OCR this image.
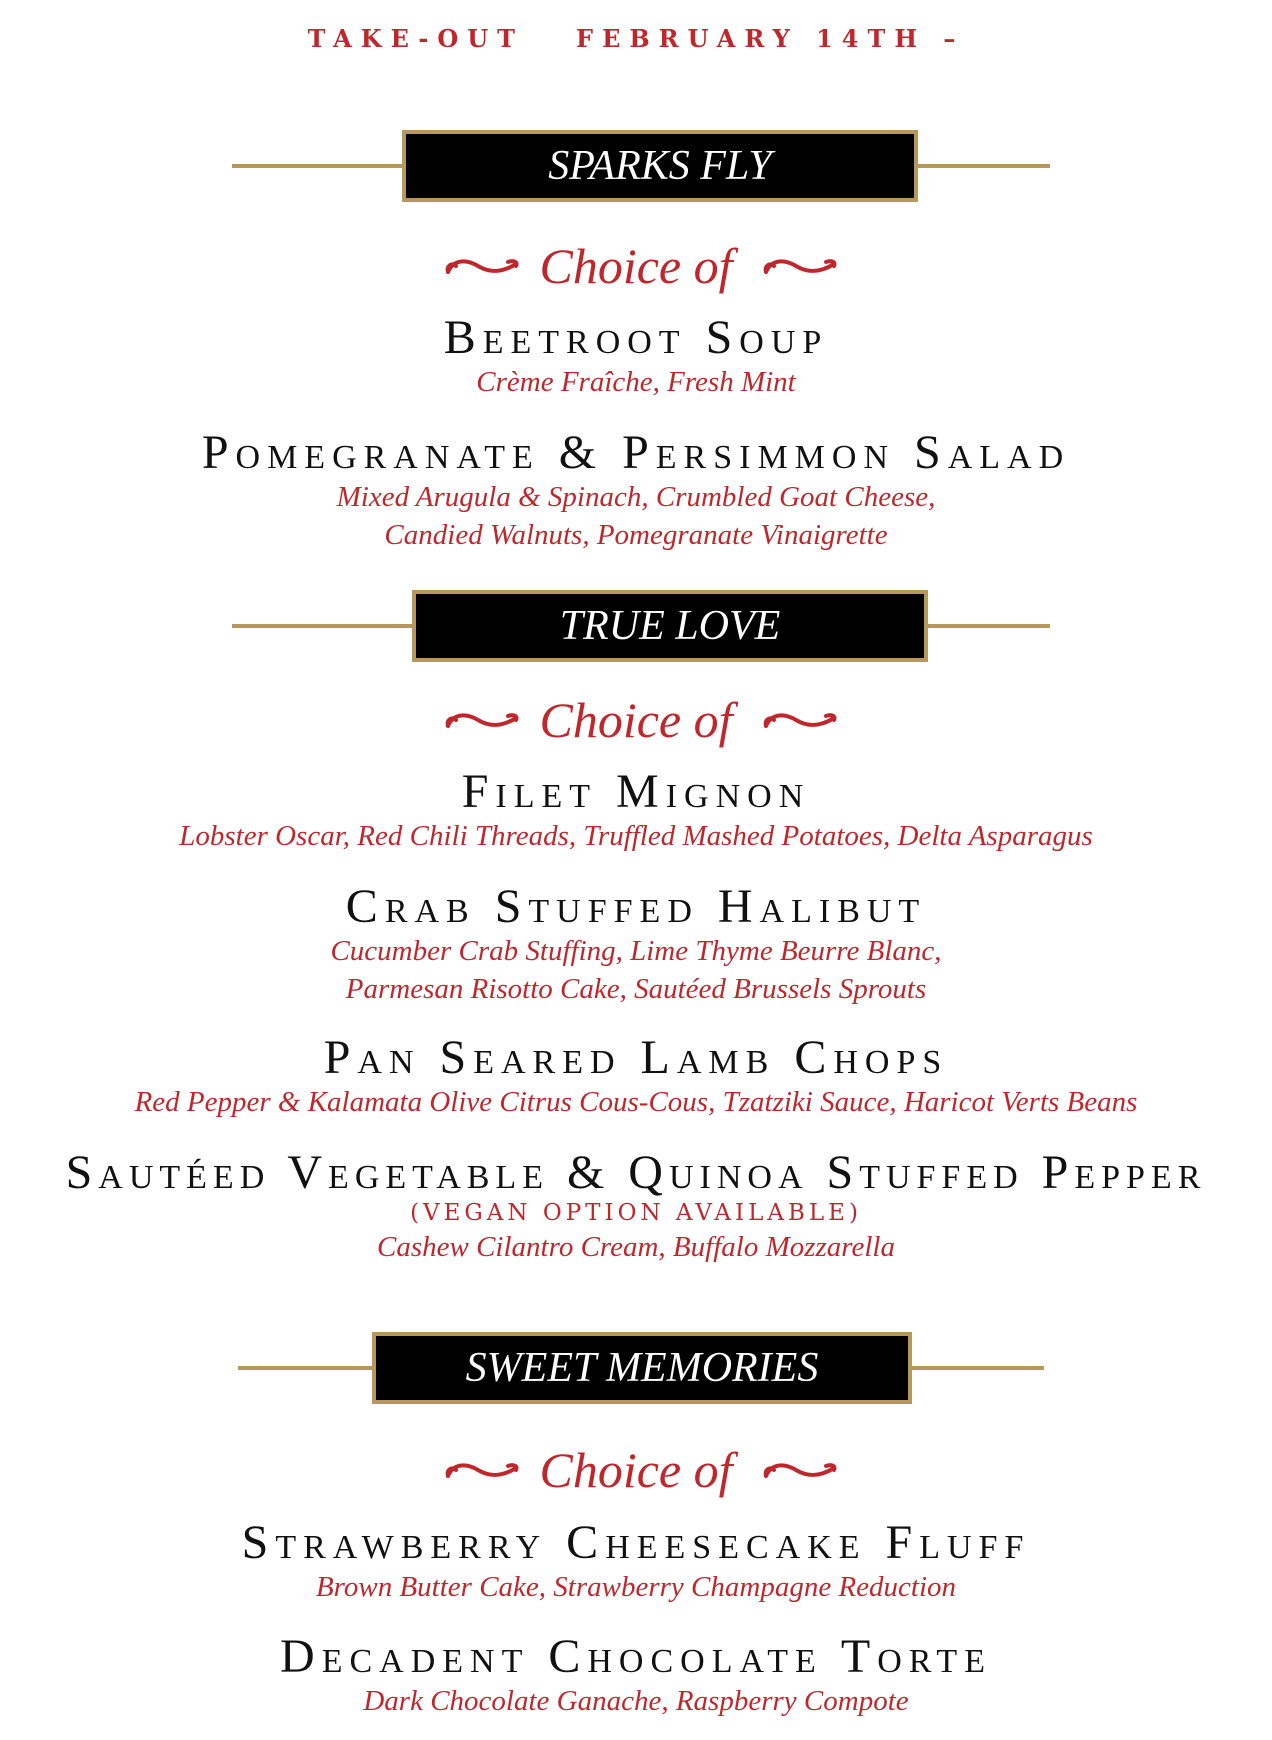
TAKE-OUT FEBRUARY 14TH –
SPARKS FLY
Choice of
Beetroot Soup
Crème Fraîche, Fresh Mint
Pomegranate & Persimmon Salad
Mixed Arugula & Spinach, Crumbled Goat Cheese,
Candied Walnuts, Pomegranate Vinaigrette
TRUE LOVE
Choice of
Filet Mignon
Lobster Oscar, Red Chili Threads, Truffled Mashed Potatoes, Delta Asparagus
Crab Stuffed Halibut
Cucumber Crab Stuffing, Lime Thyme Beurre Blanc,
Parmesan Risotto Cake, Sautéed Brussels Sprouts
Pan Seared Lamb Chops
Red Pepper & Kalamata Olive Citrus Cous-Cous, Tzatziki Sauce, Haricot Verts Beans
Sautéed Vegetable & Quinoa Stuffed Pepper
(VEGAN OPTION AVAILABLE)
Cashew Cilantro Cream, Buffalo Mozzarella
SWEET MEMORIES
Choice of
Strawberry Cheesecake Fluff
Brown Butter Cake, Strawberry Champagne Reduction
Decadent Chocolate Torte
Dark Chocolate Ganache, Raspberry Compote
